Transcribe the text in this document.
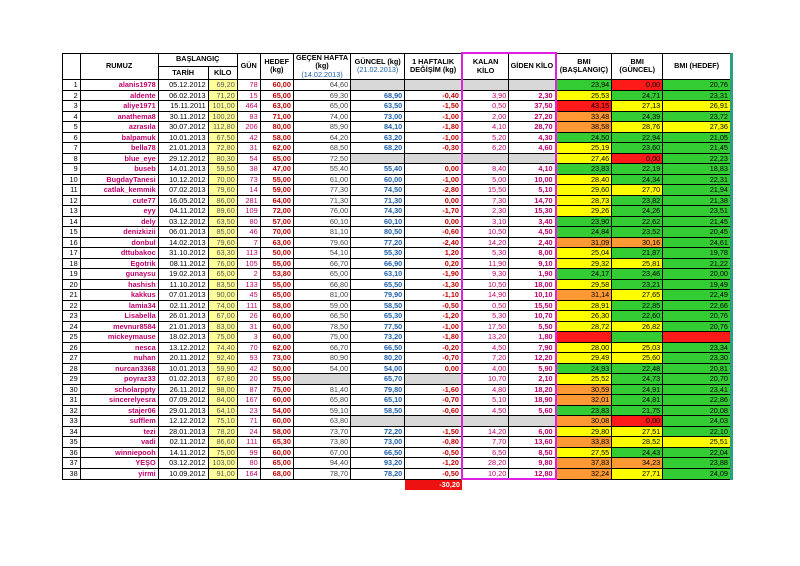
	RUMUZ	BAŞLANGIÇ		GÜN	HEDEF (kg)	GEÇEN HAFTA (kg)
(14.02.2013)	GÜNCEL (kg)
(21.02.2013)	1 HAFTALIK DEĞİŞİM (kg)	KALAN KİLO	GİDEN KİLO	BMI (BAŞLANGIÇ)	BMI (GÜNCEL)	BMI (HEDEF)
		TARİH	KİLO										
1	alanis1978	05.12.2012	69,20	78	60,00	64,60					23,94	0,00	20,76
2	aldente	06.02.2013	71,20	15	65,00	69,30	68,90	-0,40	3,90	2,30	25,53	24,71	23,31
3	aliye1971	15.11.2011	101,00	464	63,00	65,00	63,50	-1,50	0,50	37,50	43,15	27,13	26,91
4	anathema8	30.11.2012	100,20	83	71,00	74,00	73,00	-1,00	2,00	27,20	33,48	24,39	23,72
5	azrasıla	30.07.2012	112,80	206	80,00	85,90	84,10	-1,80	4,10	28,70	38,58	28,76	27,36
6	balpamuk	10.01.2013	67,50	42	58,00	64,20	63,20	-1,00	5,20	4,30	24,50	22,94	21,05
7	bella78	21.01.2013	72,80	31	62,00	68,50	68,20	-0,30	6,20	4,60	25,19	23,60	21,45
8	blue_eye	29.12.2012	80,30	54	65,00	72,50					27,46	0,00	22,23
9	buseb	14.01.2013	59,50	38	47,00	55,40	55,40	0,00	8,40	4,10	23,83	22,19	18,83
10	BugdayTanesi	10.12.2012	70,00	73	55,00	61,00	60,00	-1,00	5,00	10,00	28,40	24,34	22,31
11	catlak_kemmik	07.02.2013	79,60	14	59,00	77,30	74,50	-2,80	15,50	5,10	29,60	27,70	21,94
12	cute77	16.05.2012	86,00	281	64,00	71,30	71,30	0,00	7,30	14,70	28,73	23,82	21,38
13	eyy	04.11.2012	89,60	109	72,00	76,00	74,30	-1,70	2,30	15,30	29,26	24,26	23,51
14	dely	03.12.2012	63,50	80	57,00	60,10	60,10	0,00	3,10	3,40	23,90	22,62	21,45
15	denizkizii	06.01.2013	85,00	46	70,00	81,10	80,50	-0,60	10,50	4,50	24,84	23,52	20,45
16	donbul	14.02.2013	79,60	7	63,00	79,60	77,20	-2,40	14,20	2,40	31,09	30,16	24,61
17	dttubakoc	31.10.2012	63,30	113	50,00	54,10	55,30	1,20	5,30	8,00	25,04	21,87	19,78
18	Egotrik	08.11.2012	76,00	105	55,00	66,70	66,90	0,20	11,90	9,10	29,32	25,81	21,22
19	gunaysu	19.02.2013	65,00	2	53,80	65,00	63,10	-1,90	9,30	1,90	24,17	23,46	20,00
20	hashish	11.10.2012	83,50	133	55,00	66,80	65,50	-1,30	10,50	18,00	29,58	23,21	19,49
21	kakkus	07.01.2013	90,00	45	65,00	81,00	79,90	-1,10	14,90	10,10	31,14	27,65	22,49
22	lamia34	02.11.2012	74,00	111	58,00	59,00	58,50	-0,50	0,50	15,50	28,91	22,85	22,66
23	Lisabella	26.01.2013	67,00	26	60,00	66,50	65,30	-1,20	5,30	10,70	26,30	22,60	20,76
24	mevnur8584	21.01.2013	83,00	31	60,00	78,50	77,50	-1,00	17,50	5,50	28,72	26,82	20,76
25	mickeymause	18.02.2013	75,00	3	60,00	75,00	73,20	-1,80	13,20	1,80			
26	nesca	13.12.2012	74,40	70	62,00	66,70	66,50	-0,20	4,50	7,90	28,00	25,03	23,34
27	nuhan	20.11.2012	92,40	93	73,00	80,90	80,20	-0,70	7,20	12,20	29,49	25,60	23,30
28	nurcan3368	10.01.2013	59,90	42	50,00	54,00	54,00	0,00	4,00	5,90	24,93	22,48	20,81
29	poyraz33	01.02.2013	67,80	20	55,00		65,70		10,70	2,10	25,52	24,73	20,70
30	scholarppty	26.11.2012	98,00	87	75,00	81,40	79,80	-1,60	4,80	18,20	30,59	24,91	23,41
31	sincerelyesra	07.09.2012	84,00	167	60,00	65,80	65,10	-0,70	5,10	18,90	32,01	24,81	22,86
32	stajer06	29.01.2013	64,10	23	54,00	59,10	58,50	-0,60	4,50	5,60	23,83	21,75	20,08
33	sufflem	12.12.2012	75,10	71	60,00	63,80					30,08	0,00	24,03
34	tezi	28.01.2013	78,20	24	58,00	73,70	72,20	-1,50	14,20	6,00	29,80	27,51	22,10
35	vadi	02.11.2012	86,60	111	65,30	73,80	73,00	-0,80	7,70	13,60	33,83	28,52	25,51
36	winniepooh	14.11.2012	75,00	99	60,00	67,00	66,50	-0,50	6,50	8,50	27,55	24,43	22,04
37	YEŞO	03.12.2012	103,00	80	65,00	94,40	93,20	-1,20	28,20	9,80	37,83	34,23	23,88
38	yirmi	10.09.2012	91,00	164	68,00	78,70	78,20	-0,50	10,20	12,80	32,24	27,71	24,09
								-30,20					
